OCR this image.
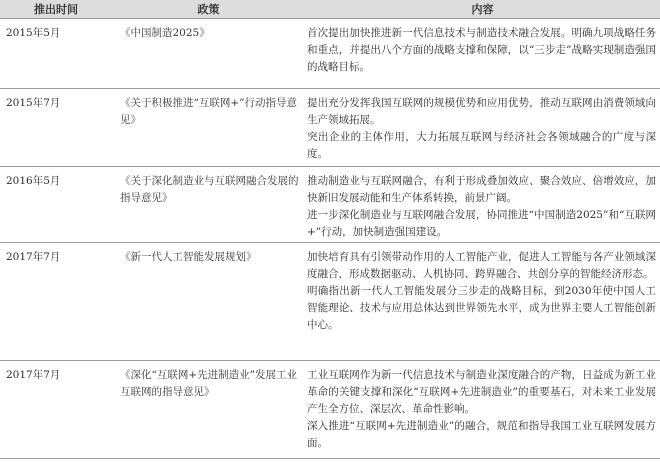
推出时间	政策	内容
2015年5月	《中国制造2025》	首次提出加快推进新一代信息技术与制造技术融合发展。明确九项战略任务和重点，并提出八个方面的战略支撑和保障，以“三步走”战略实现制造强国的战略目标。

2015年7月	《关于积极推进“互联网+”行动指导意见》	提出充分发挥我国互联网的规模优势和应用优势，推动互联网由消费领域向生产领域拓展。

突出企业的主体作用，大力拓展互联网与经济社会各领域融合的广度与深度。

2016年5月	《关于深化制造业与互联网融合发展的指导意见》	推动制造业与互联网融合，有利于形成叠加效应、聚合效应、倍增效应，加快新旧发展动能和生产体系转换，前景广阔。

进一步深化制造业与互联网融合发展，协同推进“中国制造2025”和“互联网+”行动，加快制造强国建设。

2017年7月	《新一代人工智能发展规划》	加快培育具有引领带动作用的人工智能产业，促进人工智能与各产业领域深度融合，形成数据驱动、人机协同、跨界融合、共创分享的智能经济形态。

明确指出新一代人工智能发展分三步走的战略目标，到2030年使中国人工智能理论、技术与应用总体达到世界领先水平，成为世界主要人工智能创新中心。

2017年7月	《深化“互联网+先进制造业”发展工业互联网的指导意见》	工业互联网作为新一代信息技术与制造业深度融合的产物，日益成为新工业革命的关键支撑和深化“互联网+先进制造业”的重要基石，对未来工业发展产生全方位、深层次、革命性影响。

深入推进“互联网+先进制造业”的融合，规范和指导我国工业互联网发展方面。
